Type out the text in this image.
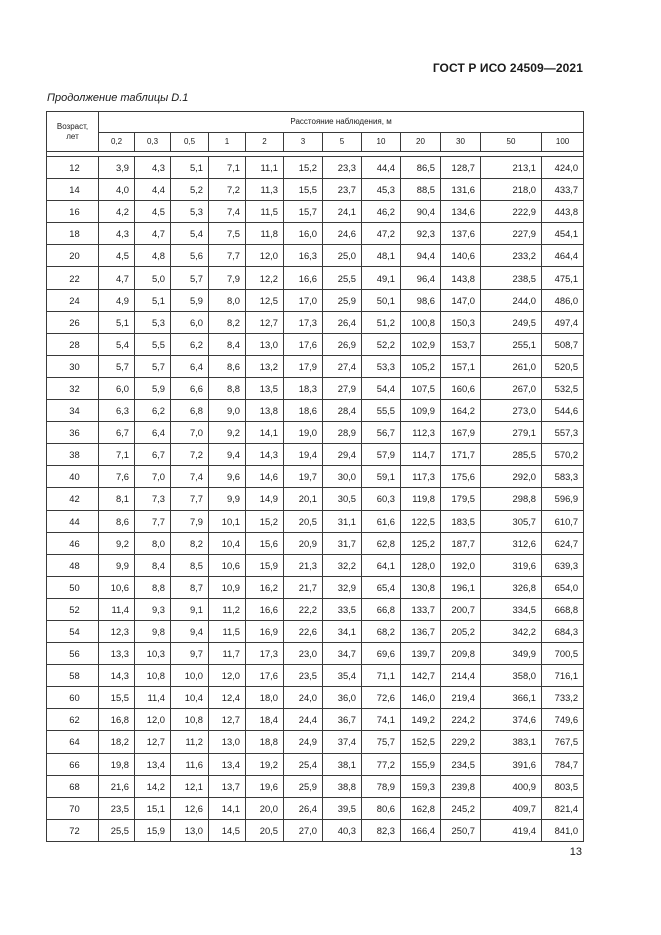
ГОСТ Р ИСО 24509—2021
Продолжение таблицы D.1
Возраст,
лет	Расстояние наблюдения, м											
	0,2	0,3	0,5	1	2	3	5	10	20	30	50	100

12	3,9	4,3	5,1	7,1	11,1	15,2	23,3	44,4	86,5	128,7	213,1	424,0
14	4,0	4,4	5,2	7,2	11,3	15,5	23,7	45,3	88,5	131,6	218,0	433,7
16	4,2	4,5	5,3	7,4	11,5	15,7	24,1	46,2	90,4	134,6	222,9	443,8
18	4,3	4,7	5,4	7,5	11,8	16,0	24,6	47,2	92,3	137,6	227,9	454,1
20	4,5	4,8	5,6	7,7	12,0	16,3	25,0	48,1	94,4	140,6	233,2	464,4
22	4,7	5,0	5,7	7,9	12,2	16,6	25,5	49,1	96,4	143,8	238,5	475,1
24	4,9	5,1	5,9	8,0	12,5	17,0	25,9	50,1	98,6	147,0	244,0	486,0
26	5,1	5,3	6,0	8,2	12,7	17,3	26,4	51,2	100,8	150,3	249,5	497,4
28	5,4	5,5	6,2	8,4	13,0	17,6	26,9	52,2	102,9	153,7	255,1	508,7
30	5,7	5,7	6,4	8,6	13,2	17,9	27,4	53,3	105,2	157,1	261,0	520,5
32	6,0	5,9	6,6	8,8	13,5	18,3	27,9	54,4	107,5	160,6	267,0	532,5
34	6,3	6,2	6,8	9,0	13,8	18,6	28,4	55,5	109,9	164,2	273,0	544,6
36	6,7	6,4	7,0	9,2	14,1	19,0	28,9	56,7	112,3	167,9	279,1	557,3
38	7,1	6,7	7,2	9,4	14,3	19,4	29,4	57,9	114,7	171,7	285,5	570,2
40	7,6	7,0	7,4	9,6	14,6	19,7	30,0	59,1	117,3	175,6	292,0	583,3
42	8,1	7,3	7,7	9,9	14,9	20,1	30,5	60,3	119,8	179,5	298,8	596,9
44	8,6	7,7	7,9	10,1	15,2	20,5	31,1	61,6	122,5	183,5	305,7	610,7
46	9,2	8,0	8,2	10,4	15,6	20,9	31,7	62,8	125,2	187,7	312,6	624,7
48	9,9	8,4	8,5	10,6	15,9	21,3	32,2	64,1	128,0	192,0	319,6	639,3
50	10,6	8,8	8,7	10,9	16,2	21,7	32,9	65,4	130,8	196,1	326,8	654,0
52	11,4	9,3	9,1	11,2	16,6	22,2	33,5	66,8	133,7	200,7	334,5	668,8
54	12,3	9,8	9,4	11,5	16,9	22,6	34,1	68,2	136,7	205,2	342,2	684,3
56	13,3	10,3	9,7	11,7	17,3	23,0	34,7	69,6	139,7	209,8	349,9	700,5
58	14,3	10,8	10,0	12,0	17,6	23,5	35,4	71,1	142,7	214,4	358,0	716,1
60	15,5	11,4	10,4	12,4	18,0	24,0	36,0	72,6	146,0	219,4	366,1	733,2
62	16,8	12,0	10,8	12,7	18,4	24,4	36,7	74,1	149,2	224,2	374,6	749,6
64	18,2	12,7	11,2	13,0	18,8	24,9	37,4	75,7	152,5	229,2	383,1	767,5
66	19,8	13,4	11,6	13,4	19,2	25,4	38,1	77,2	155,9	234,5	391,6	784,7
68	21,6	14,2	12,1	13,7	19,6	25,9	38,8	78,9	159,3	239,8	400,9	803,5
70	23,5	15,1	12,6	14,1	20,0	26,4	39,5	80,6	162,8	245,2	409,7	821,4
72	25,5	15,9	13,0	14,5	20,5	27,0	40,3	82,3	166,4	250,7	419,4	841,0
13
